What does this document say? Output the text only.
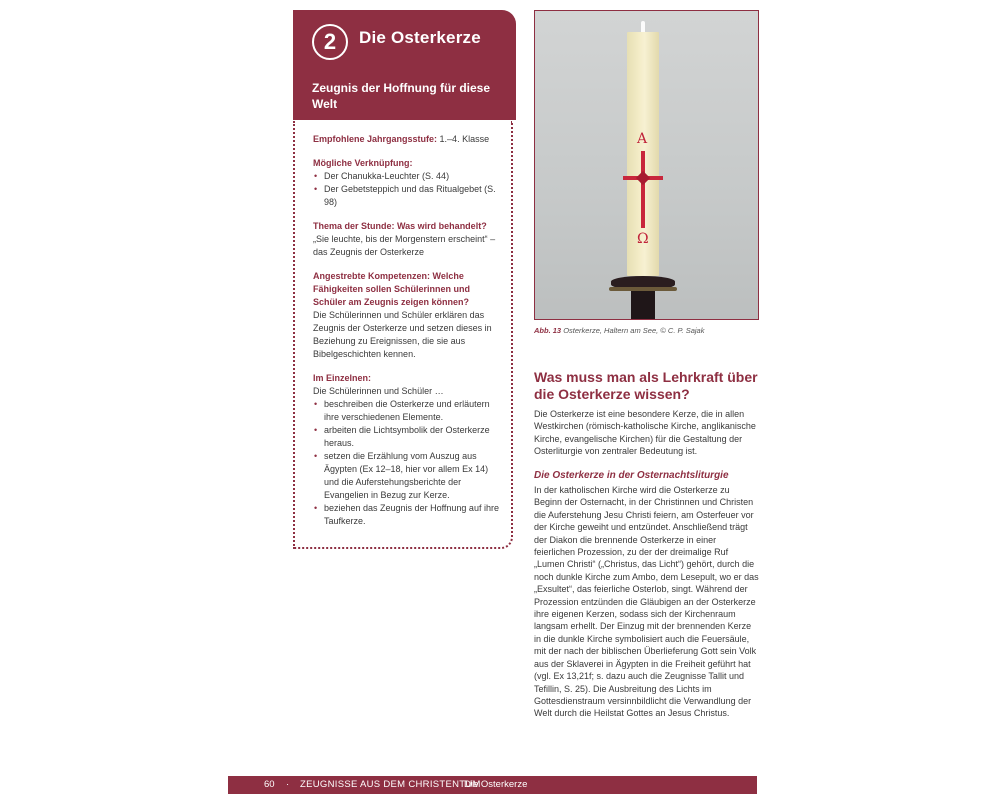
2	Die Osterkerze
Zeugnis der Hoffnung für diese Welt

Empfohlene Jahrgangsstufe: 1.–4. Klasse

Mögliche Verknüpfung:

• Der Chanukka-Leuchter (S. 44)
• Der Gebetsteppich und das Ritualgebet (S. 98)

Thema der Stunde: Was wird behandelt?

„Sie leuchte, bis der Morgenstern erscheint“ – das Zeugnis der Osterkerze

Angestrebte Kompetenzen: Welche Fähigkeiten sollen Schülerinnen und Schüler am Zeugnis zeigen können?

Die Schülerinnen und Schüler erklären das Zeugnis der Osterkerze und setzen dieses in Beziehung zu Ereignissen, die sie aus Bibelgeschichten kennen.

Im Einzelnen:

Die Schülerinnen und Schüler …

• beschreiben die Osterkerze und erläutern ihre verschiedenen Elemente.
• arbeiten die Lichtsymbolik der Osterkerze heraus.
• setzen die Erzählung vom Auszug aus Ägypten (Ex 12–18, hier vor allem Ex 14) und die Auferstehungsberichte der Evangelien in Bezug zur Kerze.
• beziehen das Zeugnis der Hoffnung auf ihre Taufkerze.
A
Ω
Abb. 13 Osterkerze, Haltern am See, © C. P. Sajak
Was muss man als Lehrkraft über die Osterkerze wissen?
Die Osterkerze ist eine besondere Kerze, die in allen Westkirchen (römisch-katholische Kirche, anglikanische Kirche, evangelische Kirchen) für die Gestaltung der Osterliturgie von zentraler Bedeutung ist.
Die Osterkerze in der Osternachtsliturgie
In der katholischen Kirche wird die Osterkerze zu Beginn der Osternacht, in der Christinnen und Christen die Auferstehung Jesu Christi feiern, am Osterfeuer vor der Kirche geweiht und entzündet. Anschließend trägt der Diakon die brennende Osterkerze in einer feierlichen Prozession, zu der der dreimalige Ruf „Lumen Christi“ („Christus, das Licht“) gehört, durch die noch dunkle Kirche zum Ambo, dem Lesepult, wo er das „Exsultet“, das feierliche Osterlob, singt. Während der Prozession entzünden die Gläubigen an der Osterkerze ihre eigenen Kerzen, sodass sich der Kirchenraum langsam erhellt. Der Einzug mit der brennenden Kerze in die dunkle Kirche symbolisiert auch die Feuersäule, mit der nach der biblischen Überlieferung Gott sein Volk aus der Sklaverei in Ägypten in die Freiheit geführt hat (vgl. Ex 13,21f; s. dazu auch die Zeugnisse Tallit und Tefillin, S. 25). Die Ausbreitung des Lichts im Gottesdienstraum versinnbildlicht die Verwandlung der Welt durch die Heilstat Gottes an Jesus Christus.
60 · ZEUGNISSE AUS DEM CHRISTENTUM
Die Osterkerze
